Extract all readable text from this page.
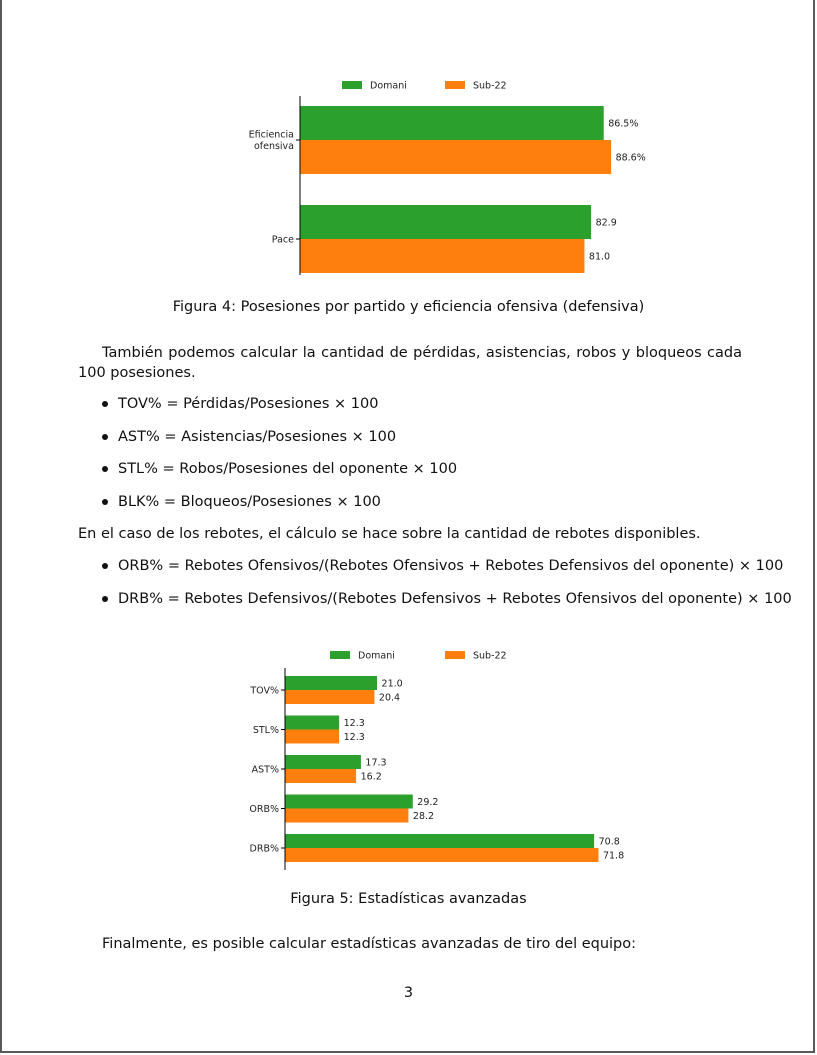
Domani	Sub-22
Eficiencia
ofensiva
86.5%
88.6%
Pace
82.9
81.0
Figura 4: Posesiones por partido y eficiencia ofensiva (defensiva)
También podemos calcular la cantidad de pérdidas, asistencias, robos y bloqueos cada 100 posesiones.
TOV% = Pérdidas/Posesiones × 100
AST% = Asistencias/Posesiones × 100
STL% = Robos/Posesiones del oponente × 100
BLK% = Bloqueos/Posesiones × 100
En el caso de los rebotes, el cálculo se hace sobre la cantidad de rebotes disponibles.
ORB% = Rebotes Ofensivos/(Rebotes Ofensivos + Rebotes Defensivos del oponente) × 100
DRB% = Rebotes Defensivos/(Rebotes Defensivos + Rebotes Ofensivos del oponente) × 100
Domani	Sub-22
TOV%
21.0
20.4
STL%
12.3
12.3
AST%
17.3
16.2
ORB%
29.2
28.2
DRB%
70.8
71.8
Figura 5: Estadísticas avanzadas
Finalmente, es posible calcular estadísticas avanzadas de tiro del equipo:
3
